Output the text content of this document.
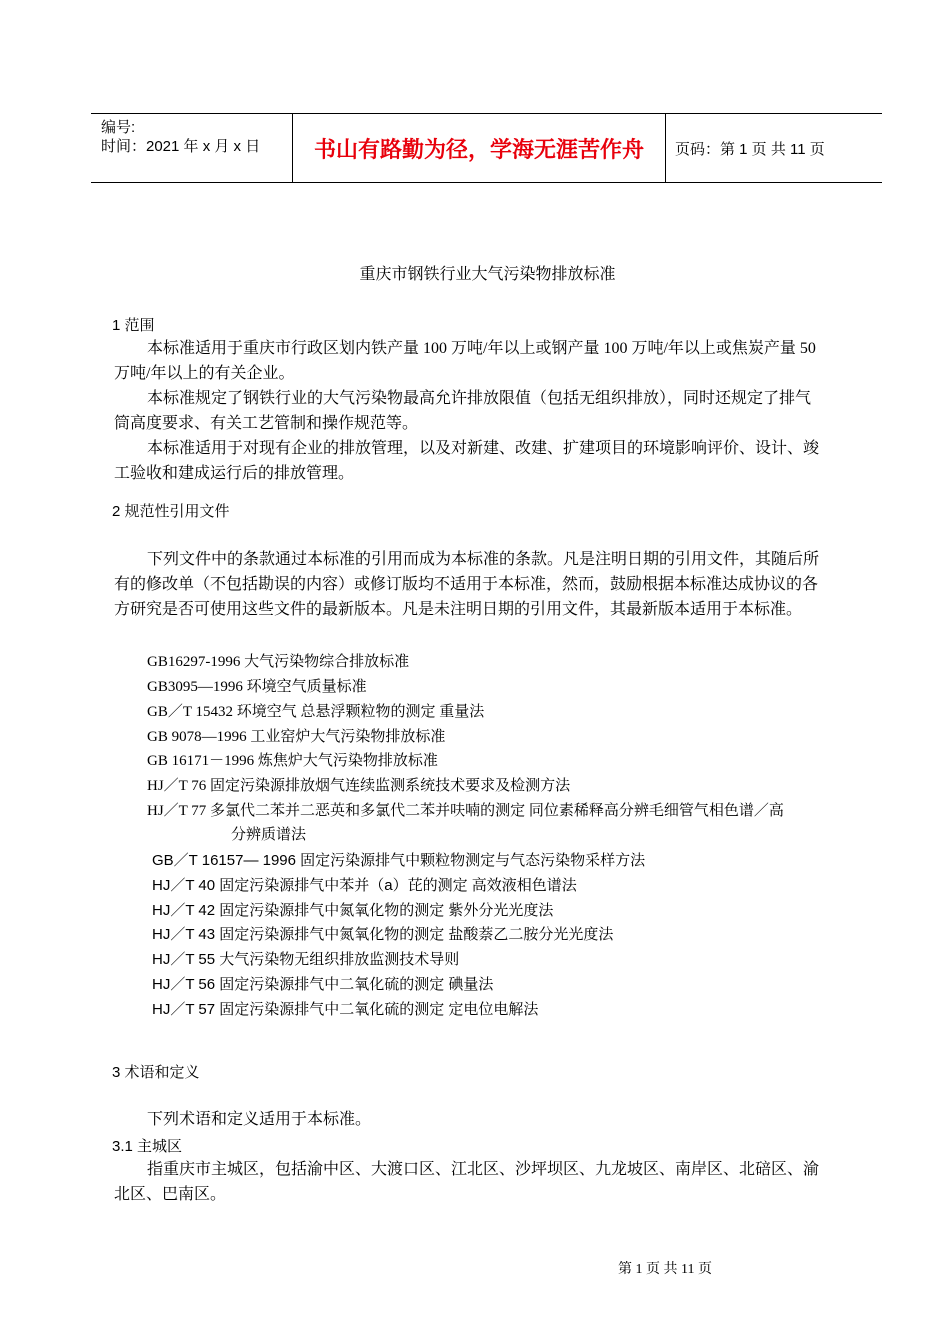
编号:
时间：2021 年 x 月 x 日	书山有路勤为径，学海无涯苦作舟	页码：第 1 页 共 11 页
重庆市钢铁行业大气污染物排放标准
1 范围
本标准适用于重庆市行政区划内铁产量 100 万吨/年以上或钢产量 100 万吨/年以上或焦炭产量 50
万吨/年以上的有关企业。
本标准规定了钢铁行业的大气污染物最高允许排放限值（包括无组织排放），同时还规定了排气
筒高度要求、有关工艺管制和操作规范等。
本标准适用于对现有企业的排放管理，以及对新建、改建、扩建项目的环境影响评价、设计、竣
工验收和建成运行后的排放管理。
2 规范性引用文件
下列文件中的条款通过本标准的引用而成为本标准的条款。凡是注明日期的引用文件，其随后所
有的修改单（不包括勘误的内容）或修订版均不适用于本标准，然而，鼓励根据本标准达成协议的各
方研究是否可使用这些文件的最新版本。凡是未注明日期的引用文件，其最新版本适用于本标准。
GB16297-1996 大气污染物综合排放标准
GB3095—1996 环境空气质量标准
GB／T 15432 环境空气 总悬浮颗粒物的测定 重量法
GB 9078—1996 工业窑炉大气污染物排放标准
GB 16171－1996 炼焦炉大气污染物排放标准
HJ／T 76 固定污染源排放烟气连续监测系统技术要求及检测方法
HJ／T 77 多氯代二苯并二恶英和多氯代二苯并呋喃的测定 同位素稀释高分辨毛细管气相色谱／高
分辨质谱法
GB／T 16157— 1996 固定污染源排气中颗粒物测定与气态污染物采样方法
HJ／T 40 固定污染源排气中苯并（a）芘的测定 高效液相色谱法
HJ／T 42 固定污染源排气中氮氧化物的测定 紫外分光光度法
HJ／T 43 固定污染源排气中氮氧化物的测定 盐酸萘乙二胺分光光度法
HJ／T 55 大气污染物无组织排放监测技术导则
HJ／T 56 固定污染源排气中二氧化硫的测定 碘量法
HJ／T 57 固定污染源排气中二氧化硫的测定 定电位电解法
3 术语和定义
下列术语和定义适用于本标准。
3.1 主城区
指重庆市主城区，包括渝中区、大渡口区、江北区、沙坪坝区、九龙坡区、南岸区、北碚区、渝
北区、巴南区。
第 1 页 共 11 页
